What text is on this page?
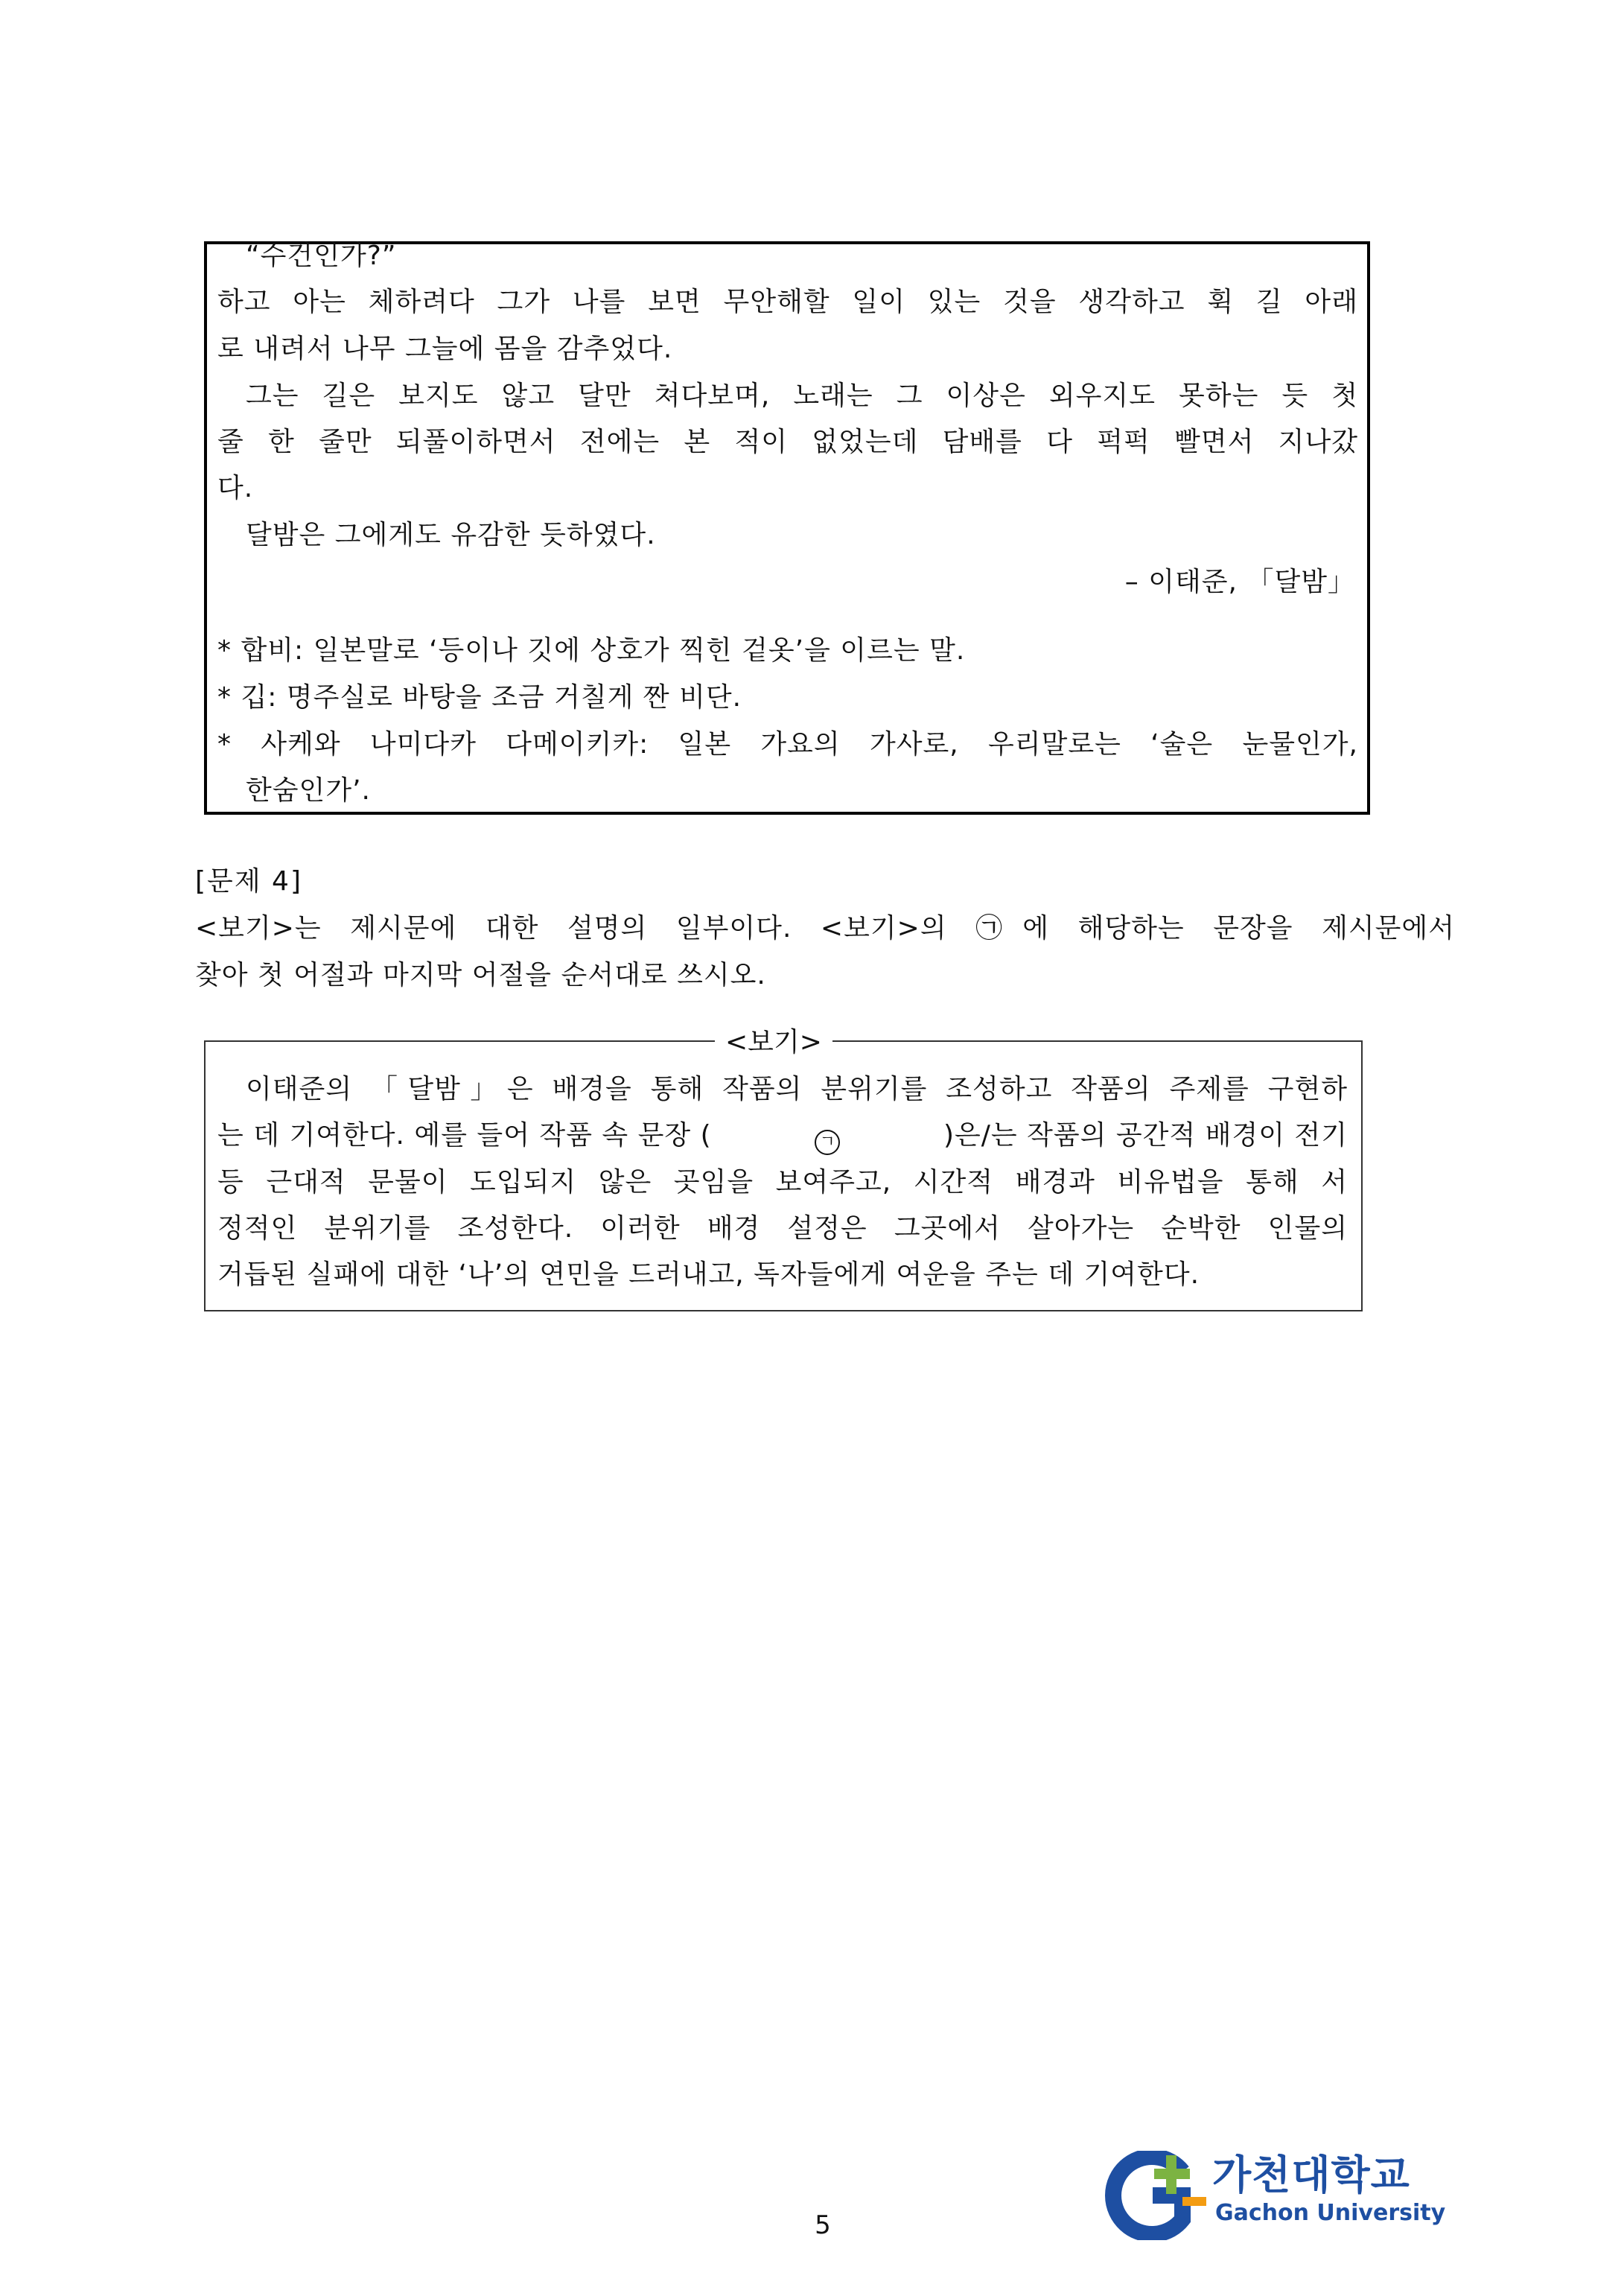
“수건인가?”
하고 아는 체하려다 그가 나를 보면 무안해할 일이 있는 것을 생각하고 휙 길 아래
로 내려서 나무 그늘에 몸을 감추었다.
그는 길은 보지도 않고 달만 쳐다보며, 노래는 그 이상은 외우지도 못하는 듯 첫
줄 한 줄만 되풀이하면서 전에는 본 적이 없었는데 담배를 다 퍽퍽 빨면서 지나갔
다.
달밤은 그에게도 유감한 듯하였다.
– 이태준, 「달밤」
* 합비: 일본말로 ‘등이나 깃에 상호가 찍힌 겉옷’을 이르는 말.
* 깁: 명주실로 바탕을 조금 거칠게 짠 비단.
* 사케와 나미다카 다메이키카: 일본 가요의 가사로, 우리말로는 ‘술은 눈물인가,
한숨인가’.
[문제 4]
<보기>는 제시문에 대한 설명의 일부이다. <보기>의 ㉠에 해당하는 문장을 제시문에서
찾아 첫 어절과 마지막 어절을 순서대로 쓰시오.
<보기>
이태준의 「달밤」은 배경을 통해 작품의 분위기를 조성하고 작품의 주제를 구현하
는 데 기여한다. 예를 들어 작품 속 문장 (	ㄱ	)은/는 작품의 공간적 배경이 전기
등 근대적 문물이 도입되지 않은 곳임을 보여주고, 시간적 배경과 비유법을 통해 서
정적인 분위기를 조성한다. 이러한 배경 설정은 그곳에서 살아가는 순박한 인물의
거듭된 실패에 대한 ‘나’의 연민을 드러내고, 독자들에게 여운을 주는 데 기여한다.
5
가천대학교
Gachon University
